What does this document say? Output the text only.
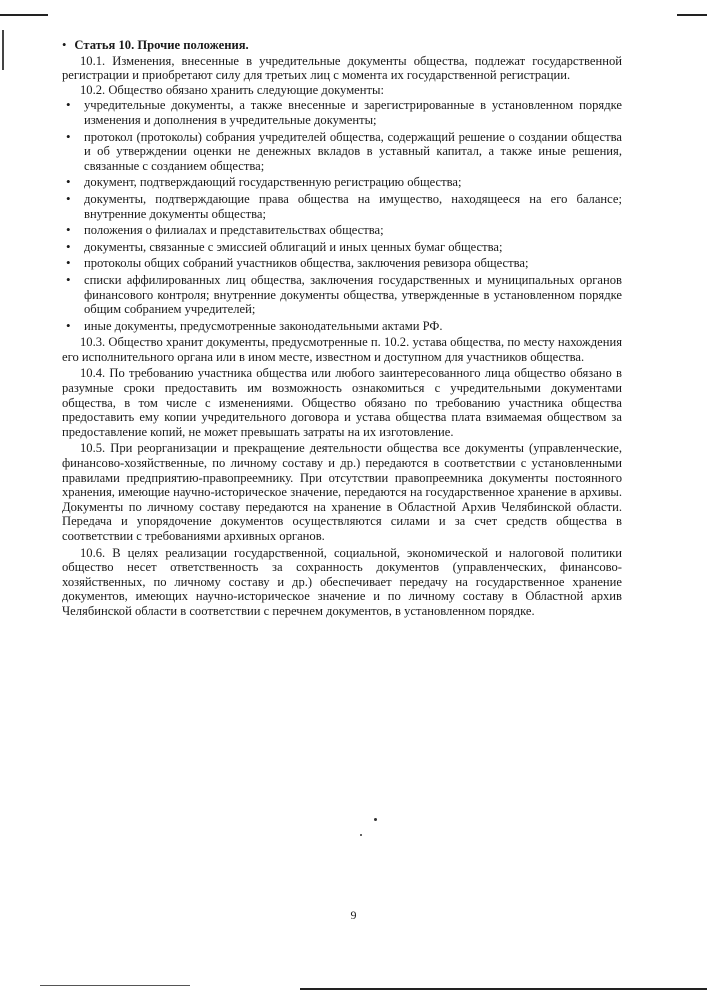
• Статья 10. Прочие положения.

10.1. Изменения, внесенные в учредительные документы общества, подлежат государственной регистрации и приобретают силу для третьих лиц с момента их государственной регистрации.

10.2. Общество обязано хранить следующие документы:

• учредительные документы, а также внесенные и зарегистрированные в установленном порядке изменения и дополнения в учредительные документы;
• протокол (протоколы) собрания учредителей общества, содержащий решение о создании общества и об утверждении оценки не денежных вкладов в уставный капитал, а также иные решения, связанные с созданием общества;
• документ, подтверждающий государственную регистрацию общества;
• документы, подтверждающие права общества на имущество, находящееся на его балансе; внутренние документы общества;
• положения о филиалах и представительствах общества;
• документы, связанные с эмиссией облигаций и иных ценных бумаг общества;
• протоколы общих собраний участников общества, заключения ревизора общества;
• списки аффилированных лиц общества, заключения государственных и муниципальных органов финансового контроля; внутренние документы общества, утвержденные в установленном порядке общим собранием учредителей;
• иные документы, предусмотренные законодательными актами РФ.

10.3. Общество хранит документы, предусмотренные п. 10.2. устава общества, по месту нахождения его исполнительного органа или в ином месте, известном и доступном для участников общества.

10.4. По требованию участника общества или любого заинтересованного лица общество обязано в разумные сроки предоставить им возможность ознакомиться с учредительными документами общества, в том числе с изменениями. Общество обязано по требованию участника общества предоставить ему копии учредительного договора и устава общества плата взимаемая обществом за предоставление копий, не может превышать затраты на их изготовление.

10.5. При реорганизации и прекращение деятельности общества все документы (управленческие, финансово-хозяйственные, по личному составу и др.) передаются в соответствии с установленными правилами предприятию-правопреемнику. При отсутствии правопреемника документы постоянного хранения, имеющие научно-историческое значение, передаются на государственное хранение в архивы. Документы по личному составу передаются на хранение в Областной Архив Челябинской области. Передача и упорядочение документов осуществляются силами и за счет средств общества в соответствии с требованиями архивных органов.

10.6. В целях реализации государственной, социальной, экономической и налоговой политики общество несет ответственность за сохранность документов (управленческих, финансово-хозяйственных, по личному составу и др.) обеспечивает передачу на государственное хранение документов, имеющих научно-историческое значение и по личному составу в Областной архив Челябинской области в соответствии с перечнем документов, в установленном порядке.

9
